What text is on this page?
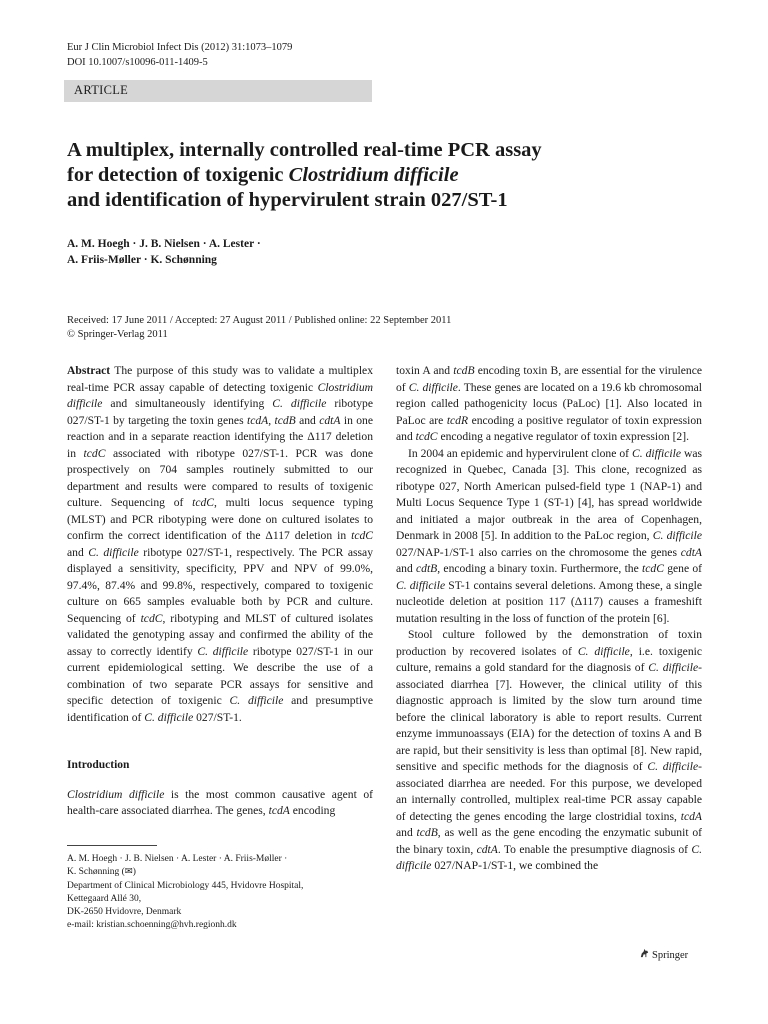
Eur J Clin Microbiol Infect Dis (2012) 31:1073–1079
DOI 10.1007/s10096-011-1409-5
ARTICLE
A multiplex, internally controlled real-time PCR assay
for detection of toxigenic Clostridium difficile
and identification of hypervirulent strain 027/ST-1
A. M. Hoegh · J. B. Nielsen · A. Lester ·
A. Friis-Møller · K. Schønning
Received: 17 June 2011 / Accepted: 27 August 2011 / Published online: 22 September 2011
© Springer-Verlag 2011

Abstract The purpose of this study was to validate a multiplex real-time PCR assay capable of detecting toxigenic Clostridium difficile and simultaneously identifying C. difficile ribotype 027/ST-1 by targeting the toxin genes tcdA, tcdB and cdtA in one reaction and in a separate reaction identifying the Δ117 deletion in tcdC associated with ribotype 027/ST-1. PCR was done prospectively on 704 samples routinely submitted to our department and results were compared to results of toxigenic culture. Sequencing of tcdC, multi locus sequence typing (MLST) and PCR ribotyping were done on cultured isolates to confirm the correct identification of the Δ117 deletion in tcdC and C. difficile ribotype 027/ST-1, respectively. The PCR assay displayed a sensitivity, specificity, PPV and NPV of 99.0%, 97.4%, 87.4% and 99.8%, respectively, compared to toxigenic culture on 665 samples evaluable both by PCR and culture. Sequencing of tcdC, ribotyping and MLST of cultured isolates validated the genotyping assay and confirmed the ability of the assay to correctly identify C. difficile ribotype 027/ST-1 in our current epidemiological setting. We describe the use of a combination of two separate PCR assays for sensitive and specific detection of toxigenic C. difficile and presumptive identification of C. difficile 027/ST-1.

Introduction

Clostridium difficile is the most common causative agent of health-care associated diarrhea. The genes, tcdA encoding

toxin A and tcdB encoding toxin B, are essential for the virulence of C. difficile. These genes are located on a 19.6 kb chromosomal region called pathogenicity locus (PaLoc) [1]. Also located in PaLoc are tcdR encoding a positive regulator of toxin expression and tcdC encoding a negative regulator of toxin expression [2].

In 2004 an epidemic and hypervirulent clone of C. difficile was recognized in Quebec, Canada [3]. This clone, recognized as ribotype 027, North American pulsed-field type 1 (NAP-1) and Multi Locus Sequence Type 1 (ST-1) [4], has spread worldwide and initiated a major outbreak in the area of Copenhagen, Denmark in 2008 [5]. In addition to the PaLoc region, C. difficile 027/NAP-1/ST-1 also carries on the chromosome the genes cdtA and cdtB, encoding a binary toxin. Furthermore, the tcdC gene of C. difficile ST-1 contains several deletions. Among these, a single nucleotide deletion at position 117 (Δ117) causes a frameshift mutation resulting in the loss of function of the protein [6].

Stool culture followed by the demonstration of toxin production by recovered isolates of C. difficile, i.e. toxigenic culture, remains a gold standard for the diagnosis of C. difficile-associated diarrhea [7]. However, the clinical utility of this diagnostic approach is limited by the slow turn around time before the clinical laboratory is able to report results. Current enzyme immunoassays (EIA) for the detection of toxins A and B are rapid, but their sensitivity is less than optimal [8]. New rapid, sensitive and specific methods for the diagnosis of C. difficile-associated diarrhea are needed. For this purpose, we developed an internally controlled, multiplex real-time PCR assay capable of detecting the genes encoding the large clostridial toxins, tcdA and tcdB, as well as the gene encoding the enzymatic subunit of the binary toxin, cdtA. To enable the presumptive diagnosis of C. difficile 027/NAP-1/ST-1, we combined the

A. M. Hoegh · J. B. Nielsen · A. Lester · A. Friis-Møller ·
K. Schønning (✉)
Department of Clinical Microbiology 445, Hvidovre Hospital,
Kettegaard Allé 30,
DK-2650 Hvidovre, Denmark
e-mail: kristian.schoenning@hvh.regionh.dk
Springer
